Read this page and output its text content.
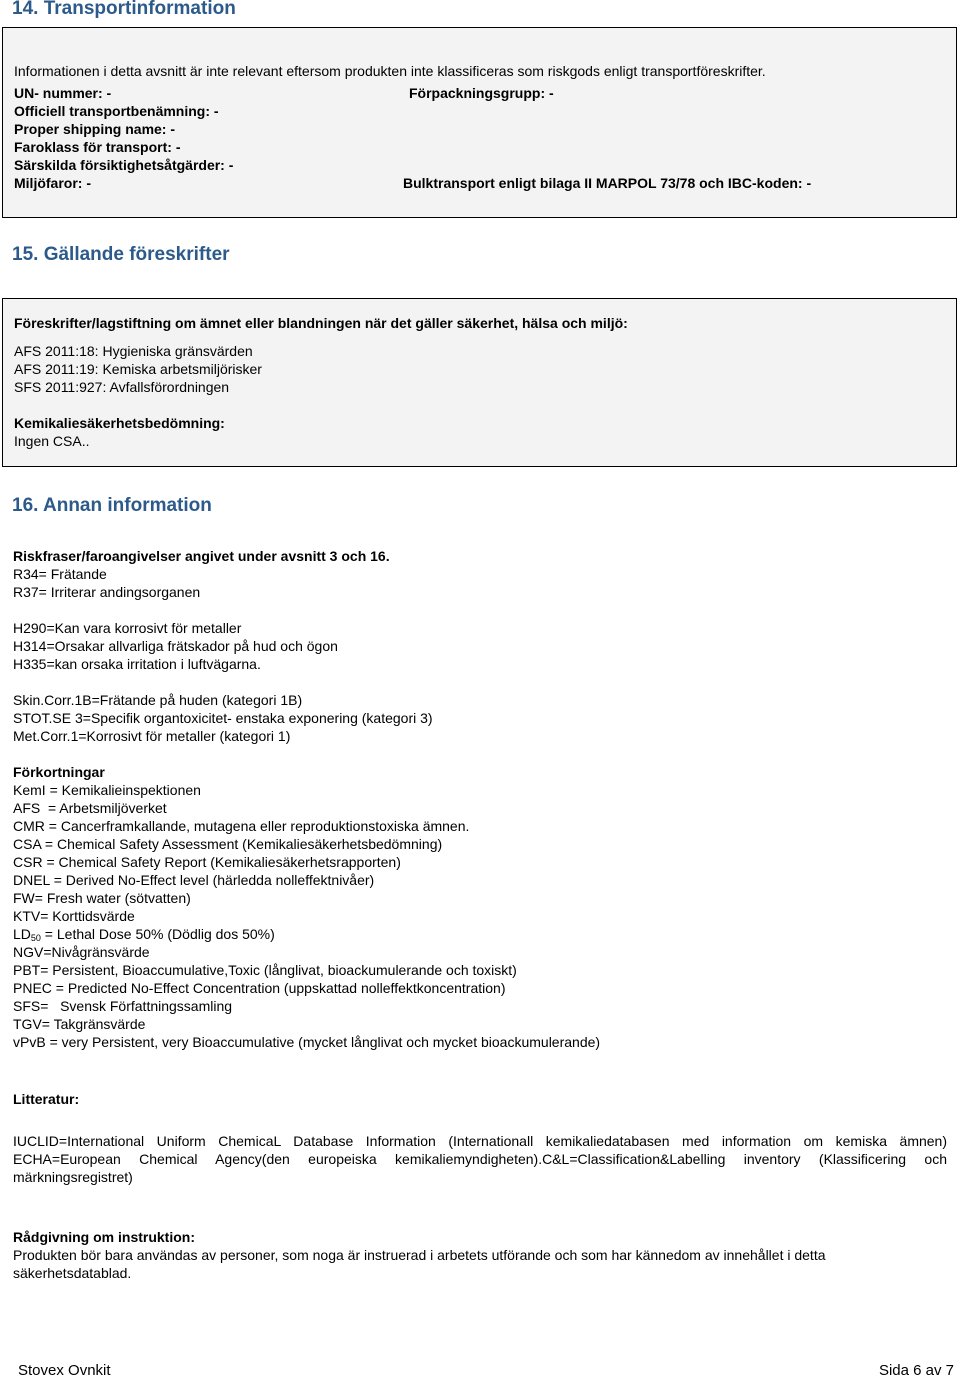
14. Transportinformation
Informationen i detta avsnitt är inte relevant eftersom produkten inte klassificeras som riskgods enligt transportföreskrifter.
UN- nummer: -	Förpackningsgrupp: -
Officiell transportbenämning: -
Proper shipping name: -
Faroklass för transport: -
Särskilda försiktighetsåtgärder: -
Miljöfaror: -	Bulktransport enligt bilaga II MARPOL 73/78 och IBC-koden: -
15. Gällande föreskrifter
Föreskrifter/lagstiftning om ämnet eller blandningen när det gäller säkerhet, hälsa och miljö:
AFS 2011:18: Hygieniska gränsvärden
AFS 2011:19: Kemiska arbetsmiljörisker
SFS 2011:927: Avfallsförordningen
Kemikaliesäkerhetsbedömning:
Ingen CSA..
16. Annan information
Riskfraser/faroangivelser angivet under avsnitt 3 och 16.
R34= Frätande
R37= Irriterar andingsorganen
H290=Kan vara korrosivt för metaller
H314=Orsakar allvarliga frätskador på hud och ögon
H335=kan orsaka irritation i luftvägarna.
Skin.Corr.1B=Frätande på huden (kategori 1B)
STOT.SE 3=Specifik organtoxicitet- enstaka exponering (kategori 3)
Met.Corr.1=Korrosivt för metaller (kategori 1)
Förkortningar
KemI = Kemikalieinspektionen
AFS  = Arbetsmiljöverket
CMR = Cancerframkallande, mutagena eller reproduktionstoxiska ämnen.
CSA = Chemical Safety Assessment (Kemikaliesäkerhetsbedömning)
CSR = Chemical Safety Report (Kemikaliesäkerhetsrapporten)
DNEL = Derived No-Effect level (härledda nolleffektnivåer)
FW= Fresh water (sötvatten)
KTV= Korttidsvärde
$LD_{50}$ = Lethal Dose 50% (Dödlig dos 50%)
NGV=Nivågränsvärde
PBT= Persistent, Bioaccumulative,Toxic (långlivat, bioackumulerande och toxiskt)
PNEC = Predicted No-Effect Concentration (uppskattad nolleffektkoncentration)
SFS=   Svensk Författningssamling
TGV= Takgränsvärde
vPvB = very Persistent, very Bioaccumulative (mycket långlivat och mycket bioackumulerande)
Litteratur:
IUCLID=International Uniform ChemicaL Database Information (Internationall kemikaliedatabasen med information om kemiska ämnen) ECHA=European Chemical Agency(den europeiska kemikaliemyndigheten).C&L=Classification&Labelling inventory (Klassificering och märkningsregistret)
Rådgivning om instruktion:
Produkten bör bara användas av personer, som noga är instruerad i arbetets utförande och som har kännedom av innehållet i detta säkerhetsdatablad.
Stovex Ovnkit	Sida 6 av 7
